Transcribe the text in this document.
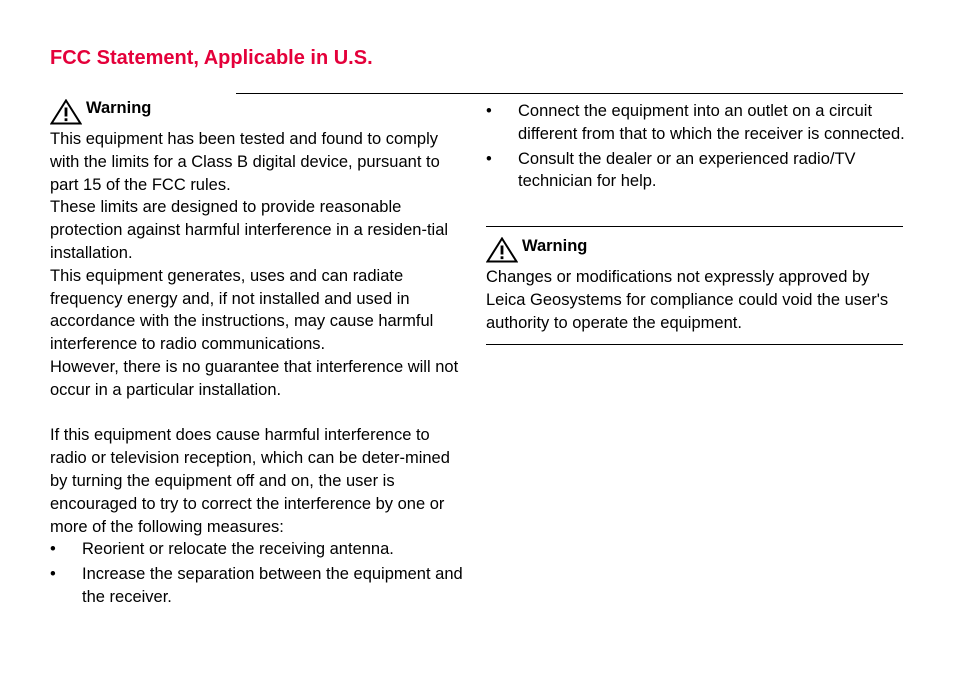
FCC Statement, Applicable in U.S.
Warning

This equipment has been tested and found to comply with the limits for a Class B digital device, pursuant to part 15 of the FCC rules.

These limits are designed to provide reasonable protection against harmful interference in a residen-tial installation.

This equipment generates, uses and can radiate frequency energy and, if not installed and used in accordance with the instructions, may cause harmful interference to radio communications.

However, there is no guarantee that interference will not occur in a particular installation.

If this equipment does cause harmful interference to radio or television reception, which can be deter-mined by turning the equipment off and on, the user is encouraged to try to correct the interference by one or more of the following measures:

•	Reorient or relocate the receiving antenna.
•	Increase the separation between the equipment and the receiver.
•	Connect the equipment into an outlet on a circuit different from that to which the receiver is connected.
•	Consult the dealer or an experienced radio/TV technician for help.
Warning

Changes or modifications not expressly approved by Leica Geosystems for compliance could void the user's authority to operate the equipment.
